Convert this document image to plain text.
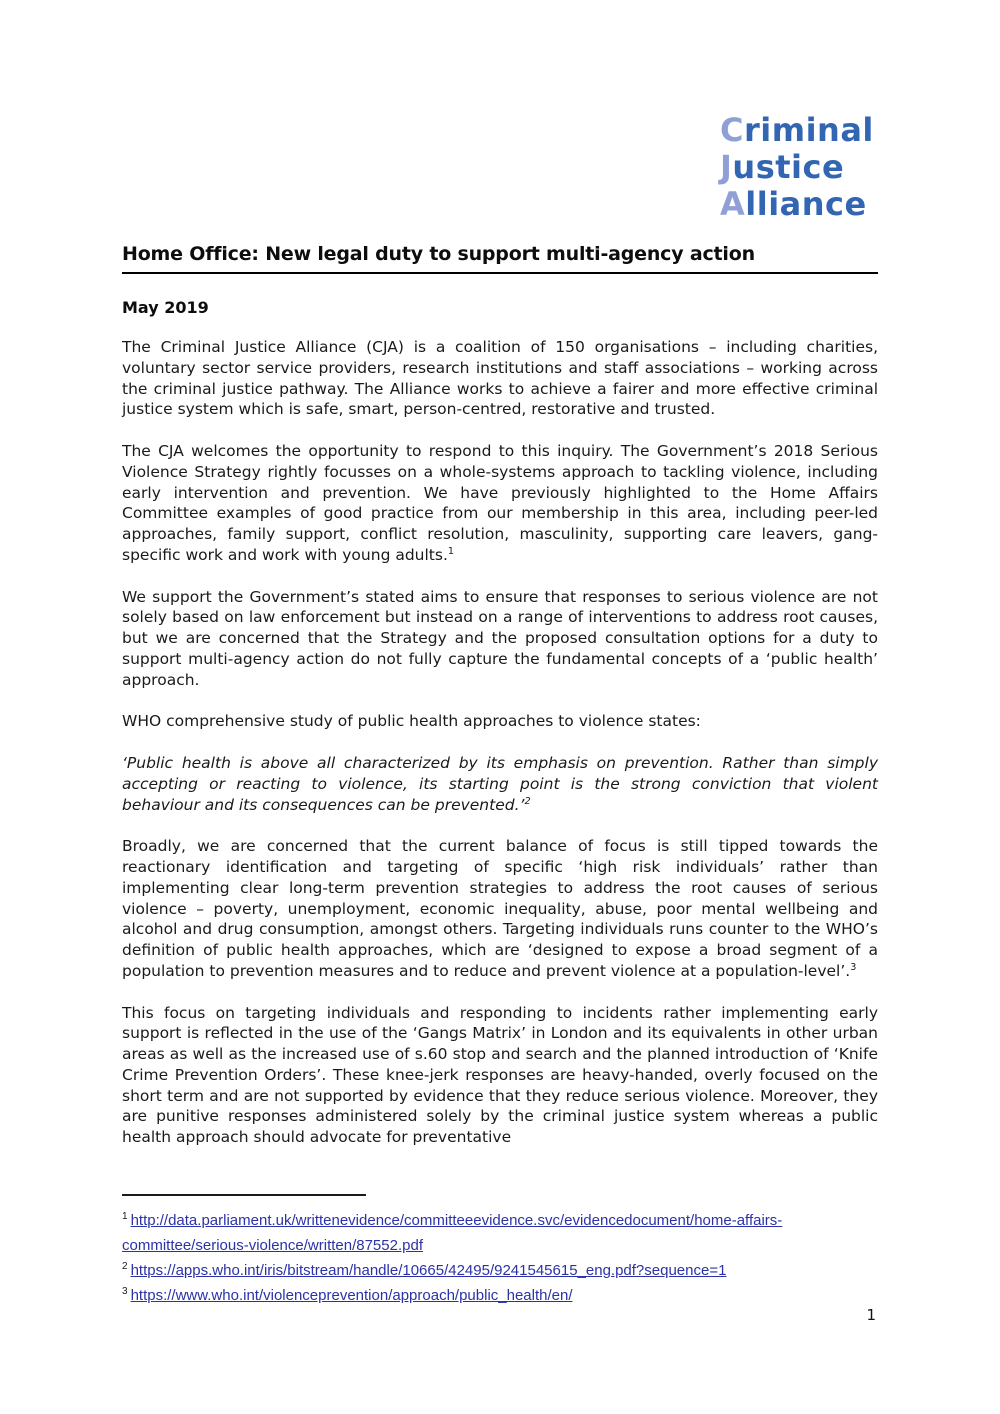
Criminal
Justice
Alliance
Home Office: New legal duty to support multi-agency action

May 2019

The Criminal Justice Alliance (CJA) is a coalition of 150 organisations – including charities, voluntary sector service providers, research institutions and staff associations – working across the criminal justice pathway. The Alliance works to achieve a fairer and more effective criminal justice system which is safe, smart, person-centred, restorative and trusted.

The CJA welcomes the opportunity to respond to this inquiry. The Government’s 2018 Serious Violence Strategy rightly focusses on a whole-systems approach to tackling violence, including early intervention and prevention. We have previously highlighted to the Home Affairs Committee examples of good practice from our membership in this area, including peer-led approaches, family support, conflict resolution, masculinity, supporting care leavers, gang-specific work and work with young adults.$^1$

We support the Government’s stated aims to ensure that responses to serious violence are not solely based on law enforcement but instead on a range of interventions to address root causes, but we are concerned that the Strategy and the proposed consultation options for a duty to support multi-agency action do not fully capture the fundamental concepts of a ‘public health’ approach.

WHO comprehensive study of public health approaches to violence states:

‘Public health is above all characterized by its emphasis on prevention. Rather than simply accepting or reacting to violence, its starting point is the strong conviction that violent behaviour and its consequences can be prevented.’$^2$

Broadly, we are concerned that the current balance of focus is still tipped towards the reactionary identification and targeting of specific ‘high risk individuals’ rather than implementing clear long-term prevention strategies to address the root causes of serious violence – poverty, unemployment, economic inequality, abuse, poor mental wellbeing and alcohol and drug consumption, amongst others. Targeting individuals runs counter to the WHO’s definition of public health approaches, which are ‘designed to expose a broad segment of a population to prevention measures and to reduce and prevent violence at a population-level’.$^3$

This focus on targeting individuals and responding to incidents rather implementing early support is reflected in the use of the ‘Gangs Matrix’ in London and its equivalents in other urban areas as well as the increased use of s.60 stop and search and the planned introduction of ‘Knife Crime Prevention Orders’. These knee-jerk responses are heavy-handed, overly focused on the short term and are not supported by evidence that they reduce serious violence. Moreover, they are punitive responses administered solely by the criminal justice system whereas a public health approach should advocate for preventative

$^1$ http://data.parliament.uk/writtenevidence/committeeevidence.svc/evidencedocument/home-affairs-committee/serious-violence/written/87552.pdf
$^2$ https://apps.who.int/iris/bitstream/handle/10665/42495/9241545615_eng.pdf?sequence=1
$^3$ https://www.who.int/violenceprevention/approach/public_health/en/
1
